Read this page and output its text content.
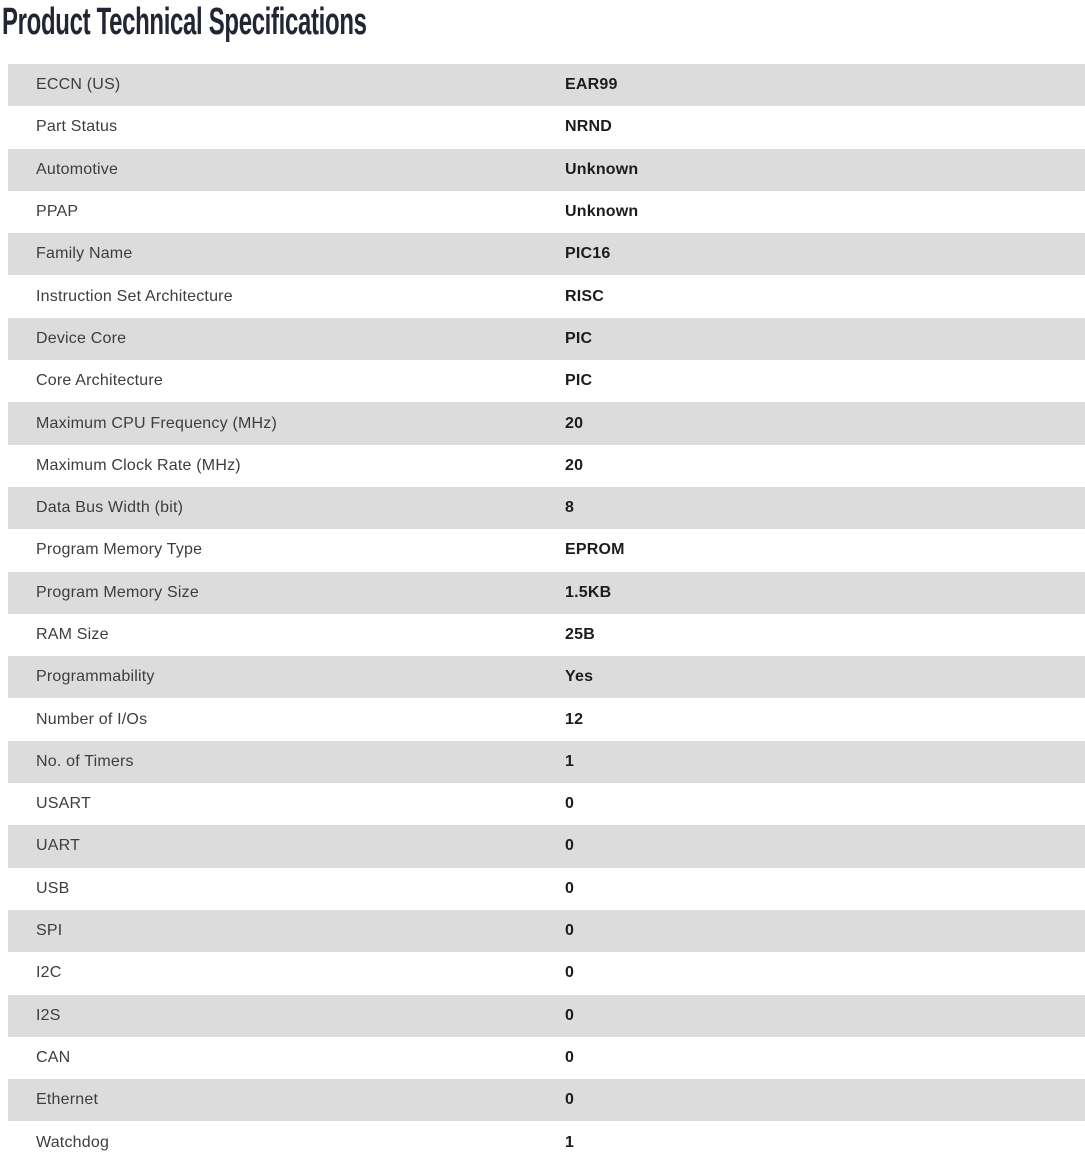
Product Technical Specifications
ECCN (US)	EAR99
Part Status	NRND
Automotive	Unknown
PPAP	Unknown
Family Name	PIC16
Instruction Set Architecture	RISC
Device Core	PIC
Core Architecture	PIC
Maximum CPU Frequency (MHz)	20
Maximum Clock Rate (MHz)	20
Data Bus Width (bit)	8
Program Memory Type	EPROM
Program Memory Size	1.5KB
RAM Size	25B
Programmability	Yes
Number of I/Os	12
No. of Timers	1
USART	0
UART	0
USB	0
SPI	0
I2C	0
I2S	0
CAN	0
Ethernet	0
Watchdog	1
